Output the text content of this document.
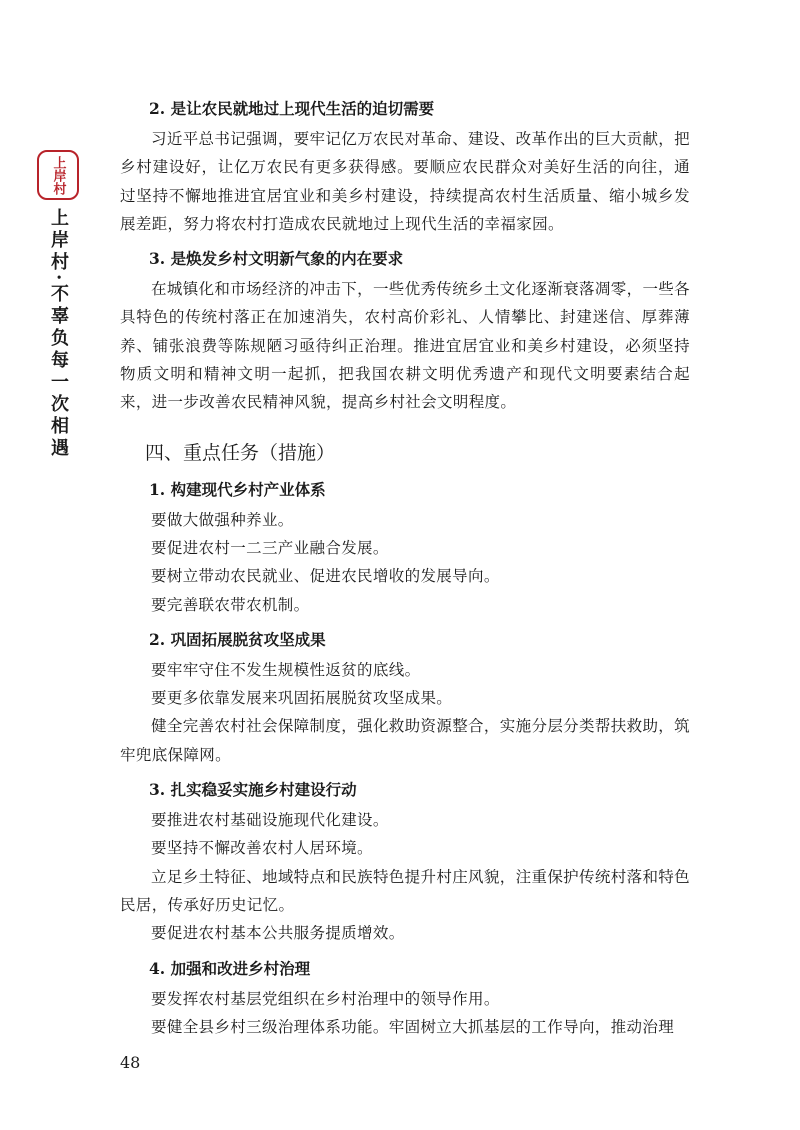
上岸村
上岸村·不辜负每一次相遇
2. 是让农民就地过上现代生活的迫切需要

习近平总书记强调，要牢记亿万农民对革命、建设、改革作出的巨大贡献，把乡村建设好，让亿万农民有更多获得感。要顺应农民群众对美好生活的向往，通过坚持不懈地推进宜居宜业和美乡村建设，持续提高农村生活质量、缩小城乡发展差距，努力将农村打造成农民就地过上现代生活的幸福家园。

3. 是焕发乡村文明新气象的内在要求

在城镇化和市场经济的冲击下，一些优秀传统乡土文化逐渐衰落凋零，一些各具特色的传统村落正在加速消失，农村高价彩礼、人情攀比、封建迷信、厚葬薄养、铺张浪费等陈规陋习亟待纠正治理。推进宜居宜业和美乡村建设，必须坚持物质文明和精神文明一起抓，把我国农耕文明优秀遗产和现代文明要素结合起来，进一步改善农民精神风貌，提高乡村社会文明程度。

四、重点任务（措施）
1. 构建现代乡村产业体系

要做大做强种养业。

要促进农村一二三产业融合发展。

要树立带动农民就业、促进农民增收的发展导向。

要完善联农带农机制。

2. 巩固拓展脱贫攻坚成果

要牢牢守住不发生规模性返贫的底线。

要更多依靠发展来巩固拓展脱贫攻坚成果。

健全完善农村社会保障制度，强化救助资源整合，实施分层分类帮扶救助，筑牢兜底保障网。

3. 扎实稳妥实施乡村建设行动

要推进农村基础设施现代化建设。

要坚持不懈改善农村人居环境。

立足乡土特征、地域特点和民族特色提升村庄风貌，注重保护传统村落和特色民居，传承好历史记忆。

要促进农村基本公共服务提质增效。

4. 加强和改进乡村治理

要发挥农村基层党组织在乡村治理中的领导作用。

要健全县乡村三级治理体系功能。牢固树立大抓基层的工作导向，推动治理

48
